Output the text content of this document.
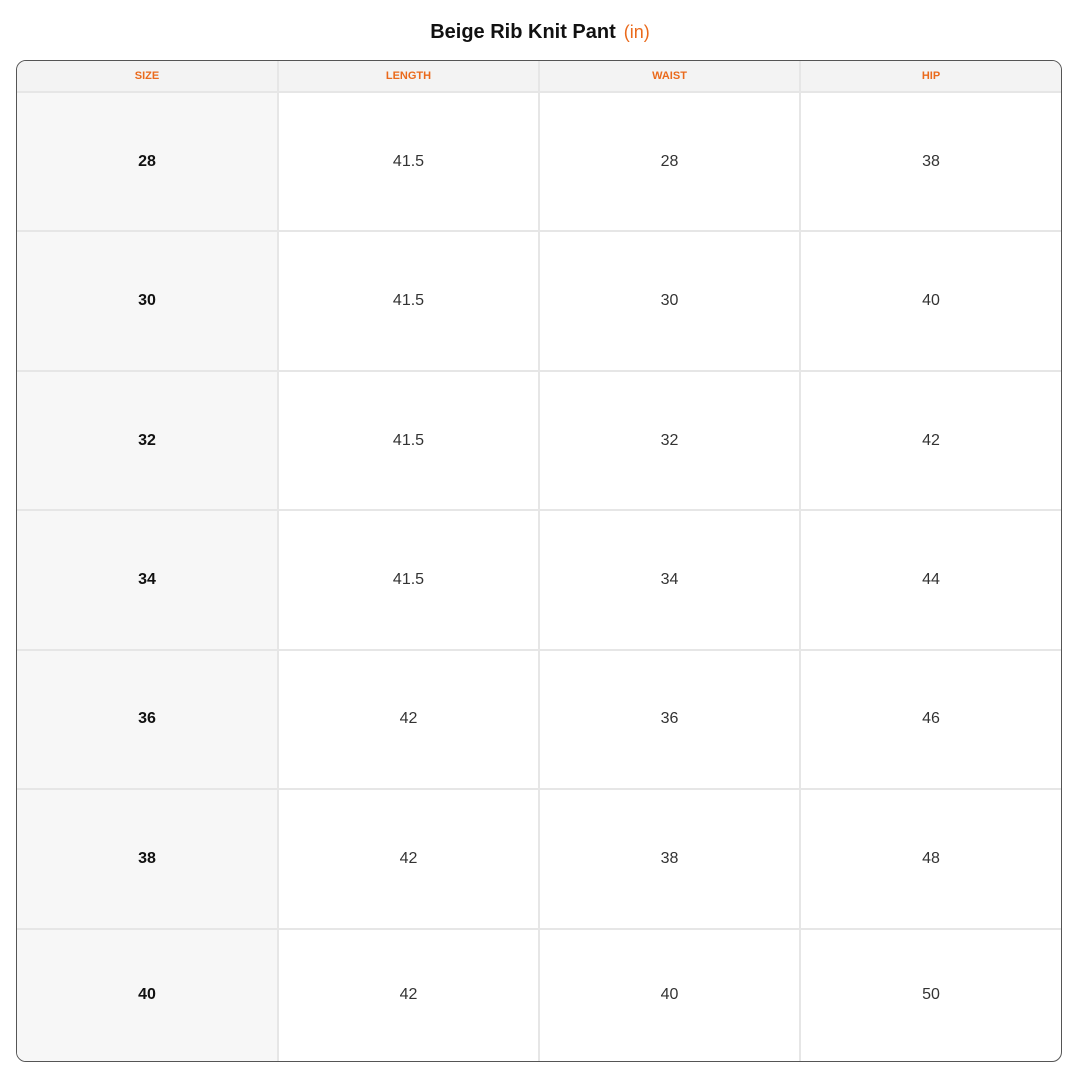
Beige Rib Knit Pant (in)
SIZE	LENGTH	WAIST	HIP
28	41.5	28	38
30	41.5	30	40
32	41.5	32	42
34	41.5	34	44
36	42	36	46
38	42	38	48
40	42	40	50
